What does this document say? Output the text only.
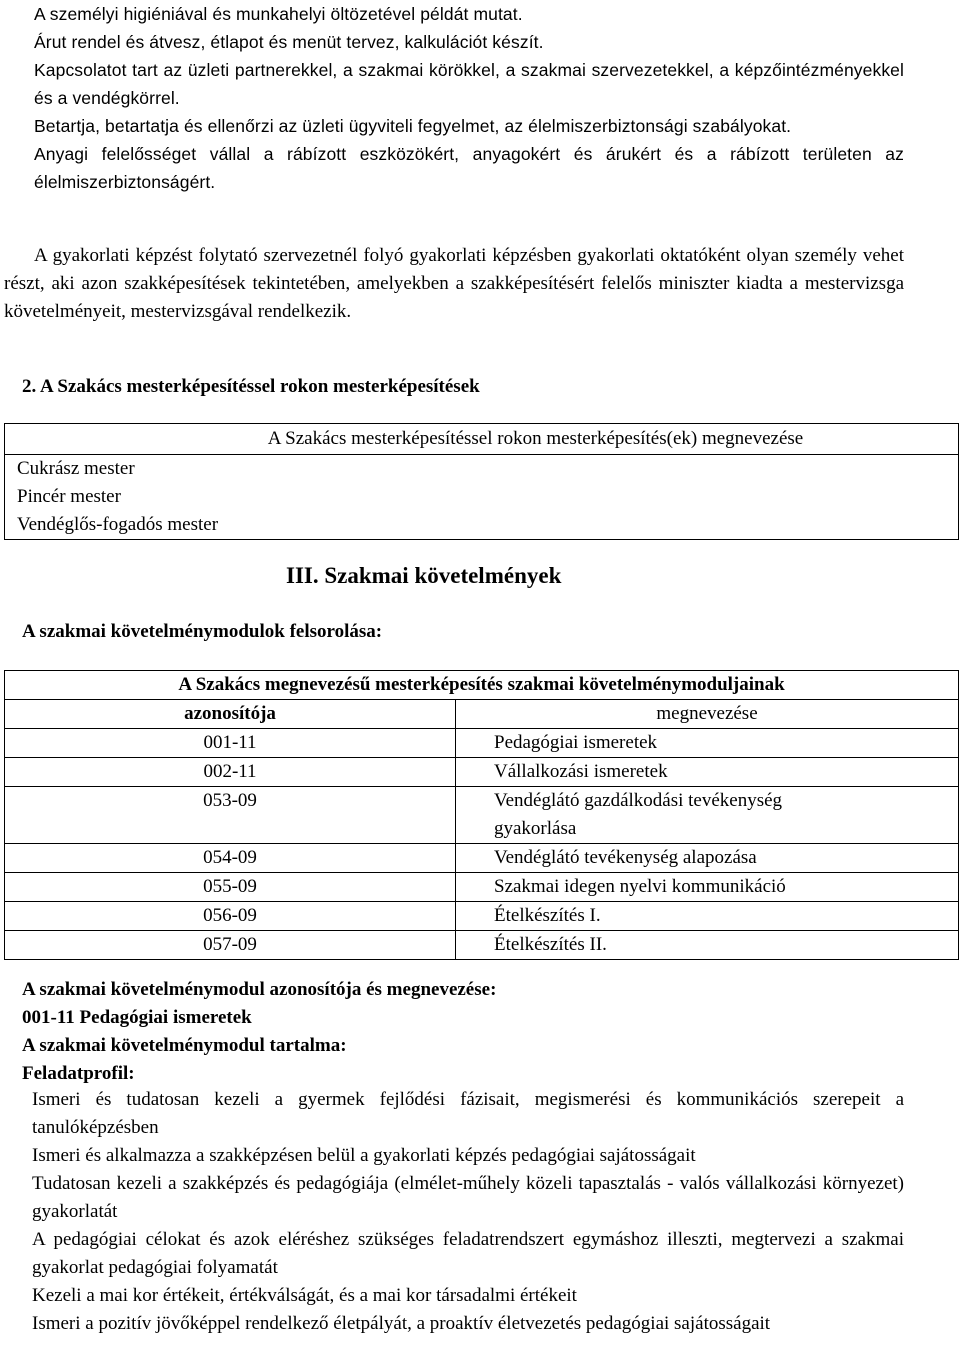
A személyi higiéniával és munkahelyi öltözetével példát mutat.

Árut rendel és átvesz, étlapot és menüt tervez, kalkulációt készít.

Kapcsolatot tart az üzleti partnerekkel, a szakmai körökkel, a szakmai szervezetekkel, a képzőintézményekkel és a vendégkörrel.

Betartja, betartatja és ellenőrzi az üzleti ügyviteli fegyelmet, az élelmiszerbiztonsági szabályokat.

Anyagi felelősséget vállal a rábízott eszközökért, anyagokért és árukért és a rábízott területen az élelmiszerbiztonságért.

A gyakorlati képzést folytató szervezetnél folyó gyakorlati képzésben gyakorlati oktatóként olyan személy vehet részt, aki azon szakképesítések tekintetében, amelyekben a szakképesítésért felelős miniszter kiadta a mestervizsga követelményeit, mestervizsgával rendelkezik.

2. A Szakács mesterképesítéssel rokon mesterképesítések

A Szakács mesterképesítéssel rokon mesterképesítés(ek) megnevezése

Cukrász mester
Pincér mester
Vendéglős-fogadós mester

III. Szakmai követelmények

A szakmai követelménymodulok felsorolása:

A Szakács megnevezésű mesterképesítés szakmai követelménymoduljainak	
azonosítója	megnevezése
001-11	Pedagógiai ismeretek
002-11	Vállalkozási ismeretek
053-09	Vendéglátó gazdálkodási tevékenység gyakorlása
054-09	Vendéglátó tevékenység alapozása
055-09	Szakmai idegen nyelvi kommunikáció
056-09	Ételkészítés I.
057-09	Ételkészítés II.

A szakmai követelménymodul azonosítója és megnevezése:

001-11 Pedagógiai ismeretek

A szakmai követelménymodul tartalma:

Feladatprofil:

Ismeri és tudatosan kezeli a gyermek fejlődési fázisait, megismerési és kommunikációs szerepeit a tanulóképzésben

Ismeri és alkalmazza a szakképzésen belül a gyakorlati képzés pedagógiai sajátosságait

Tudatosan kezeli a szakképzés és pedagógiája (elmélet-műhely közeli tapasztalás - valós vállalkozási környezet) gyakorlatát

A pedagógiai célokat és azok eléréshez szükséges feladatrendszert egymáshoz illeszti, megtervezi a szakmai gyakorlat pedagógiai folyamatát

Kezeli a mai kor értékeit, értékválságát, és a mai kor társadalmi értékeit

Ismeri a pozitív jövőképpel rendelkező életpályát, a proaktív életvezetés pedagógiai sajátosságait
